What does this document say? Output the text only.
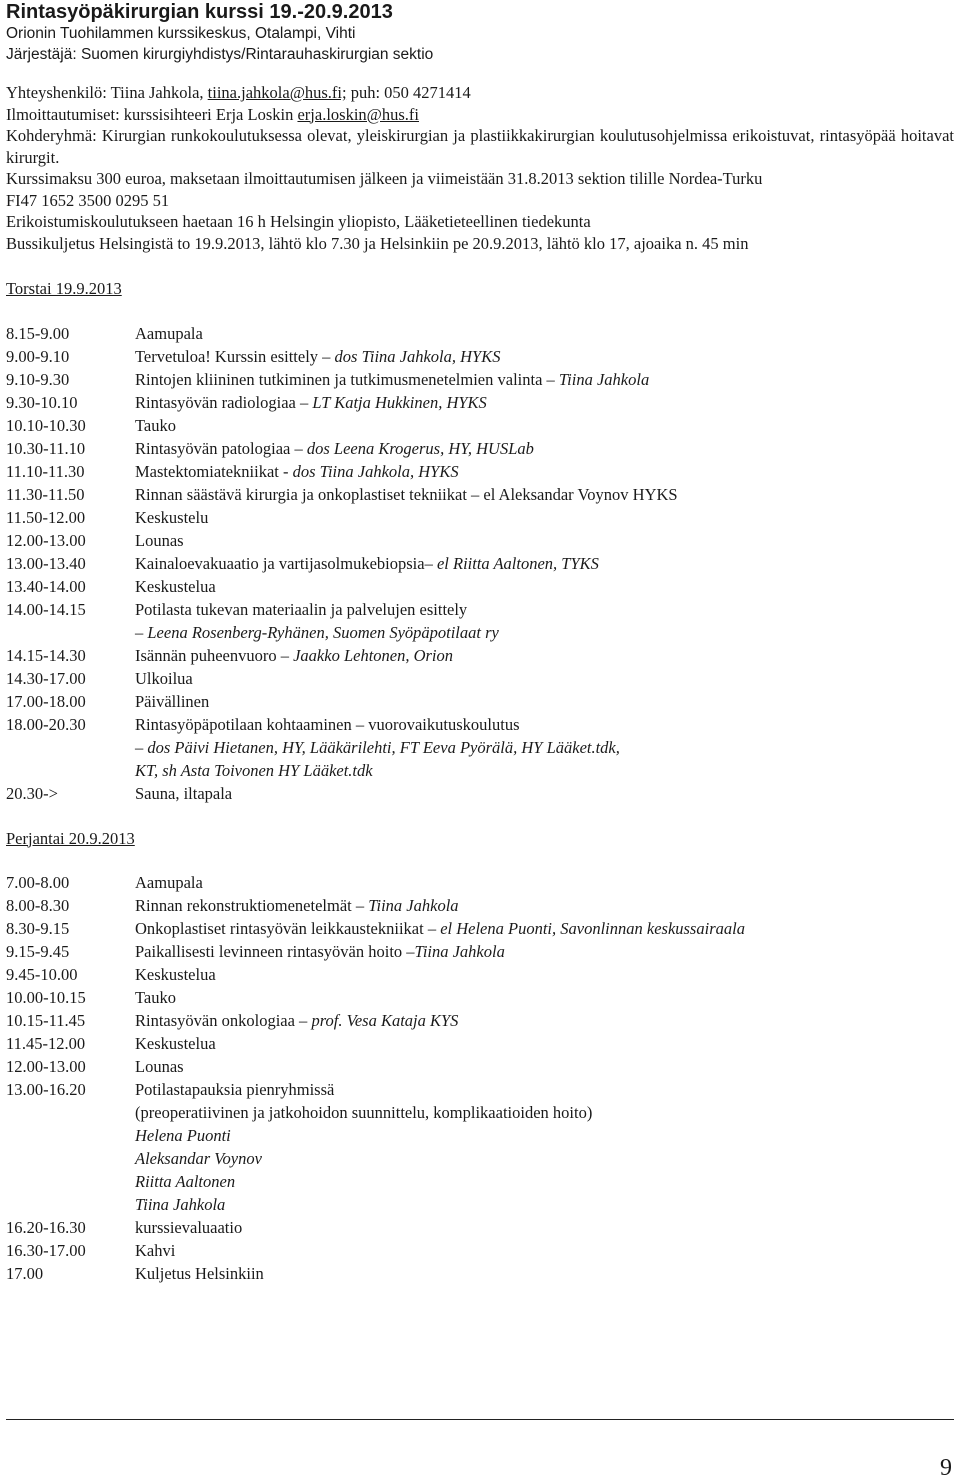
Rintasyöpäkirurgian kurssi 19.-20.9.2013
Orionin Tuohilammen kurssikeskus, Otalampi, Vihti
Järjestäjä: Suomen kirurgiyhdistys/Rintarauhaskirurgian sektio
Yhteyshenkilö: Tiina Jahkola, tiina.jahkola@hus.fi; puh: 050 4271414
Ilmoittautumiset: kurssisihteeri Erja Loskin erja.loskin@hus.fi
Kohderyhmä: Kirurgian runkokoulutuksessa olevat, yleiskirurgian ja plastiikkakirurgian koulutusohjelmissa erikoistuvat, rintasyöpää hoitavat kirurgit.
Kurssimaksu 300 euroa, maksetaan ilmoittautumisen jälkeen ja viimeistään 31.8.2013 sektion tilille Nordea-Turku
FI47 1652 3500 0295 51
Erikoistumiskoulutukseen haetaan 16 h Helsingin yliopisto, Lääketieteellinen tiedekunta
Bussikuljetus Helsingistä to 19.9.2013, lähtö klo 7.30 ja Helsinkiin pe 20.9.2013, lähtö klo 17, ajoaika n. 45 min
Torstai 19.9.2013
8.15-9.00	Aamupala
9.00-9.10	Tervetuloa! Kurssin esittely – dos Tiina Jahkola, HYKS
9.10-9.30	Rintojen kliininen tutkiminen ja tutkimusmenetelmien valinta – Tiina Jahkola
9.30-10.10	Rintasyövän radiologiaa – LT Katja Hukkinen, HYKS
10.10-10.30	Tauko
10.30-11.10	Rintasyövän patologiaa – dos Leena Krogerus, HY, HUSLab
11.10-11.30	Mastektomiatekniikat - dos Tiina Jahkola, HYKS
11.30-11.50	Rinnan säästävä kirurgia ja onkoplastiset tekniikat – el Aleksandar Voynov HYKS
11.50-12.00	Keskustelu
12.00-13.00	Lounas
13.00-13.40	Kainaloevakuaatio ja vartijasolmukebiopsia– el Riitta Aaltonen, TYKS
13.40-14.00	Keskustelua
14.00-14.15	Potilasta tukevan materiaalin ja palvelujen esittely
– Leena Rosenberg-Ryhänen, Suomen Syöpäpotilaat ry
14.15-14.30	Isännän puheenvuoro – Jaakko Lehtonen, Orion
14.30-17.00	Ulkoilua
17.00-18.00	Päivällinen
18.00-20.30	Rintasyöpäpotilaan kohtaaminen – vuorovaikutuskoulutus
– dos Päivi Hietanen, HY, Lääkärilehti, FT Eeva Pyörälä, HY Lääket.tdk,
KT, sh Asta Toivonen HY Lääket.tdk
20.30->	Sauna, iltapala
Perjantai 20.9.2013
7.00-8.00	Aamupala
8.00-8.30	Rinnan rekonstruktiomenetelmät – Tiina Jahkola
8.30-9.15	Onkoplastiset rintasyövän leikkaustekniikat – el Helena Puonti, Savonlinnan keskussairaala
9.15-9.45	Paikallisesti levinneen rintasyövän hoito –Tiina Jahkola
9.45-10.00	Keskustelua
10.00-10.15	Tauko
10.15-11.45	Rintasyövän onkologiaa – prof. Vesa Kataja KYS
11.45-12.00	Keskustelua
12.00-13.00	Lounas
13.00-16.20	Potilastapauksia pienryhmissä
(preoperatiivinen ja jatkohoidon suunnittelu, komplikaatioiden hoito)
Helena Puonti
Aleksandar Voynov
Riitta Aaltonen
Tiina Jahkola
16.20-16.30	kurssievaluaatio
16.30-17.00	Kahvi
17.00	Kuljetus Helsinkiin
9
